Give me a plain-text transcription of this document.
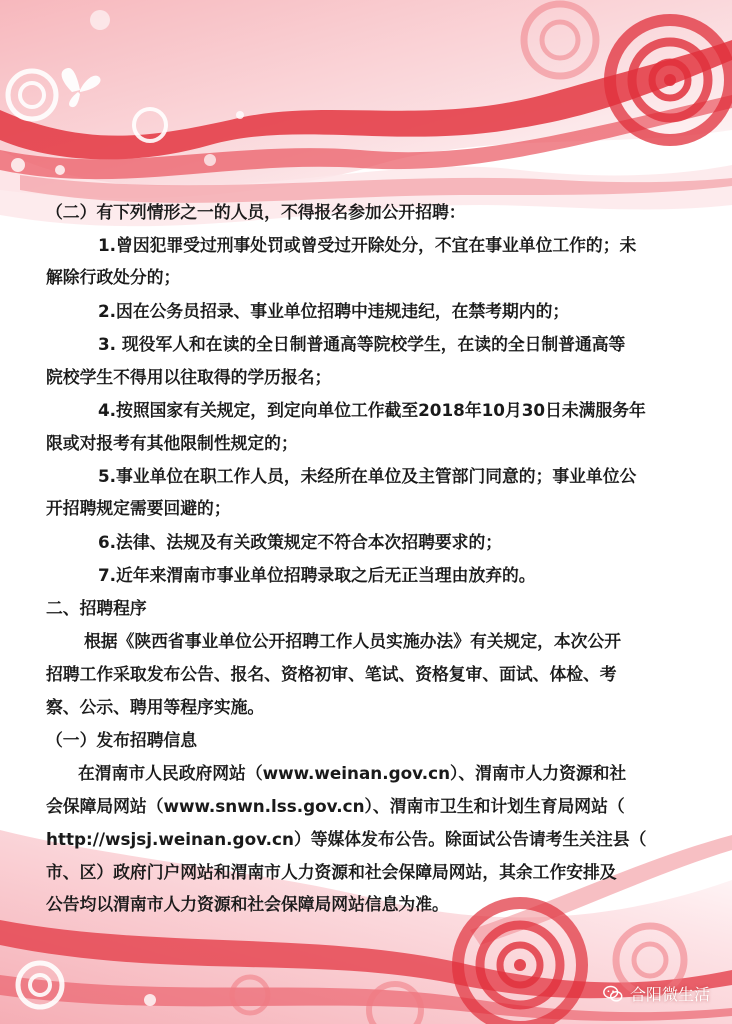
（二）有下列情形之一的人员，不得报名参加公开招聘：
1.曾因犯罪受过刑事处罚或曾受过开除处分，不宜在事业单位工作的；未
解除行政处分的；
2.因在公务员招录、事业单位招聘中违规违纪，在禁考期内的；
3. 现役军人和在读的全日制普通高等院校学生，在读的全日制普通高等
院校学生不得用以往取得的学历报名；
4.按照国家有关规定，到定向单位工作截至2018年10月30日未满服务年
限或对报考有其他限制性规定的；
5.事业单位在职工作人员，未经所在单位及主管部门同意的；事业单位公
开招聘规定需要回避的；
6.法律、法规及有关政策规定不符合本次招聘要求的；
7.近年来渭南市事业单位招聘录取之后无正当理由放弃的。
二、招聘程序
根据《陕西省事业单位公开招聘工作人员实施办法》有关规定，本次公开
招聘工作采取发布公告、报名、资格初审、笔试、资格复审、面试、体检、考
察、公示、聘用等程序实施。
（一）发布招聘信息
在渭南市人民政府网站（www.weinan.gov.cn）、渭南市人力资源和社
会保障局网站（www.snwn.lss.gov.cn）、渭南市卫生和计划生育局网站（
http://wsjsj.weinan.gov.cn）等媒体发布公告。除面试公告请考生关注县（
市、区）政府门户网站和渭南市人力资源和社会保障局网站，其余工作安排及
公告均以渭南市人力资源和社会保障局网站信息为准。
合阳微生活
